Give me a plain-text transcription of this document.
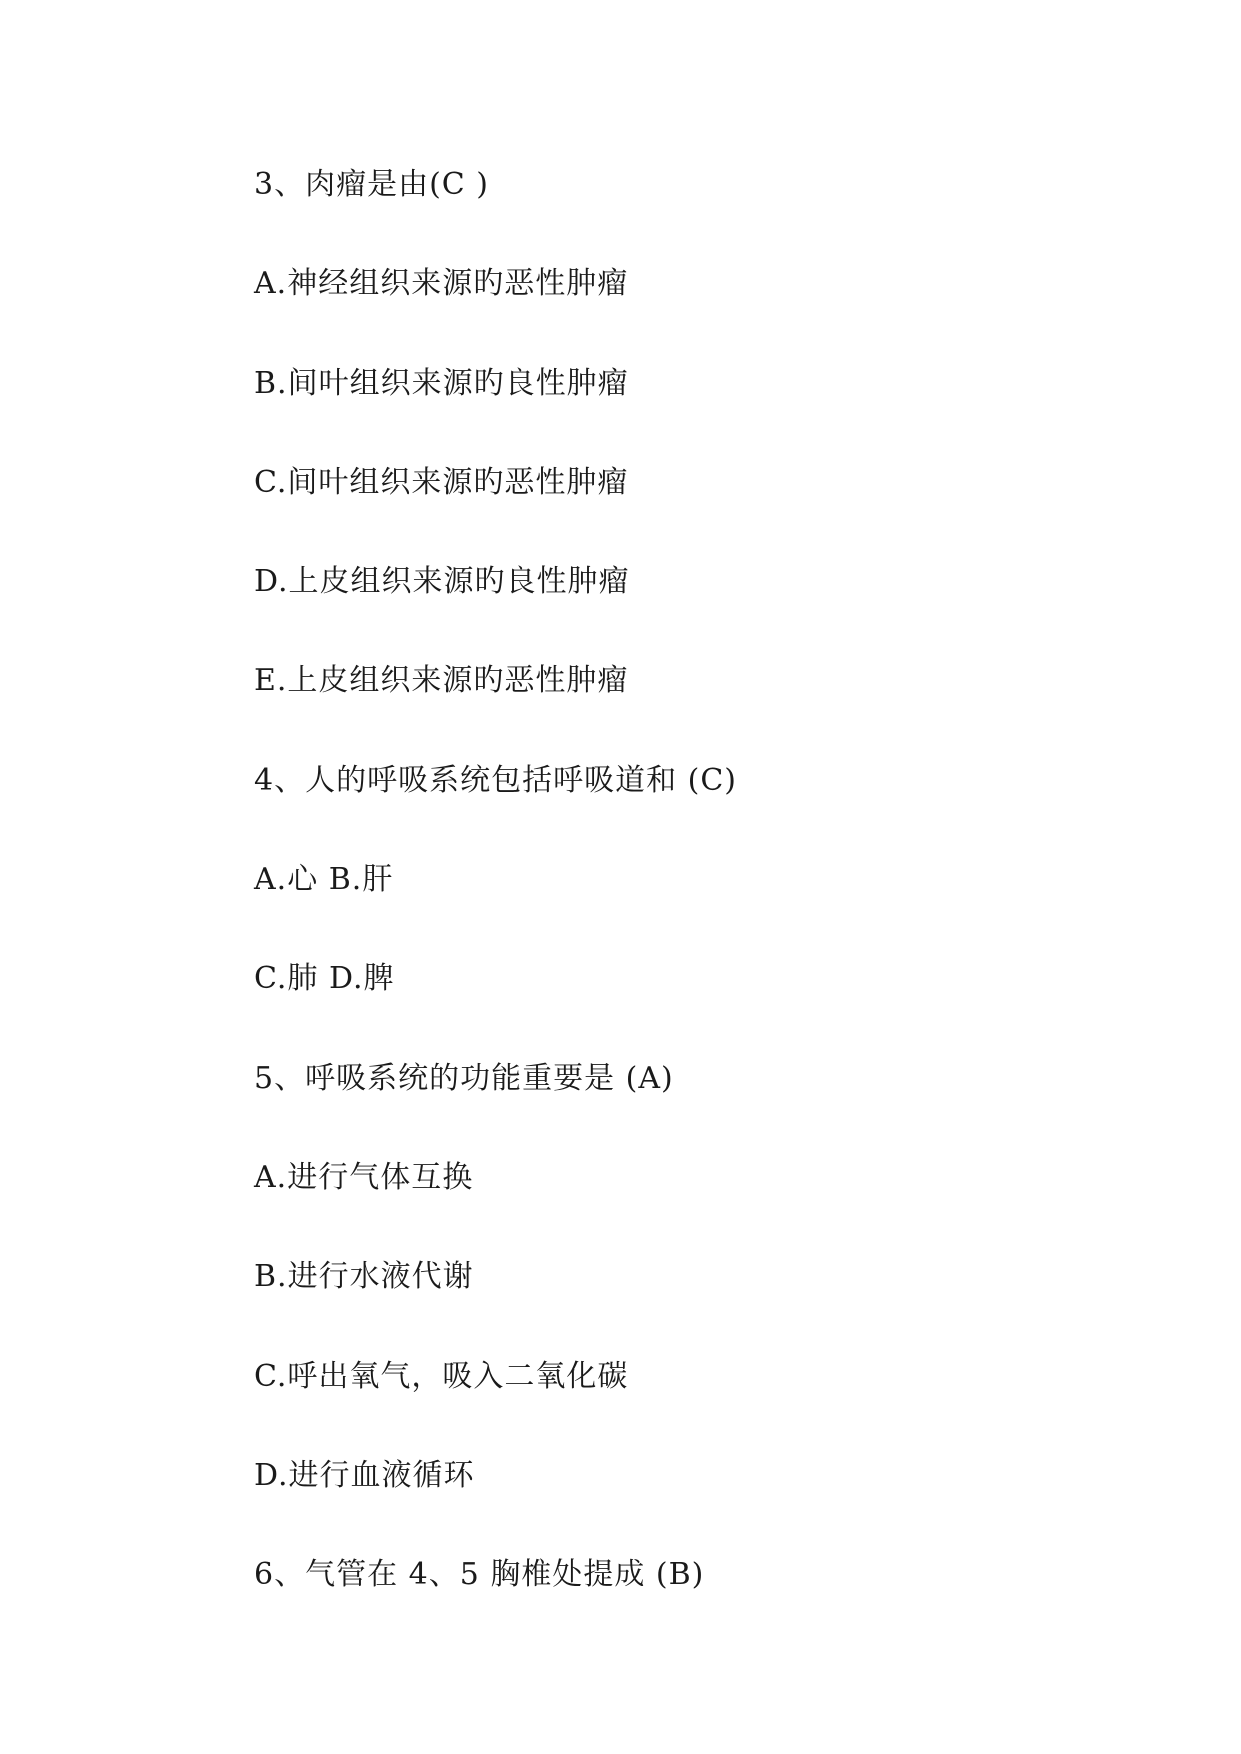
3、肉瘤是由(C )
A.神经组织来源旳恶性肿瘤
B.间叶组织来源旳良性肿瘤
C.间叶组织来源旳恶性肿瘤
D.上皮组织来源旳良性肿瘤
E.上皮组织来源旳恶性肿瘤
4、人的呼吸系统包括呼吸道和 (C)
A.心 B.肝
C.肺 D.脾
5、呼吸系统的功能重要是 (A)
A.进行气体互换
B.进行水液代谢
C.呼出氧气，吸入二氧化碳
D.进行血液循环
6、气管在 4、5 胸椎处提成 (B)
